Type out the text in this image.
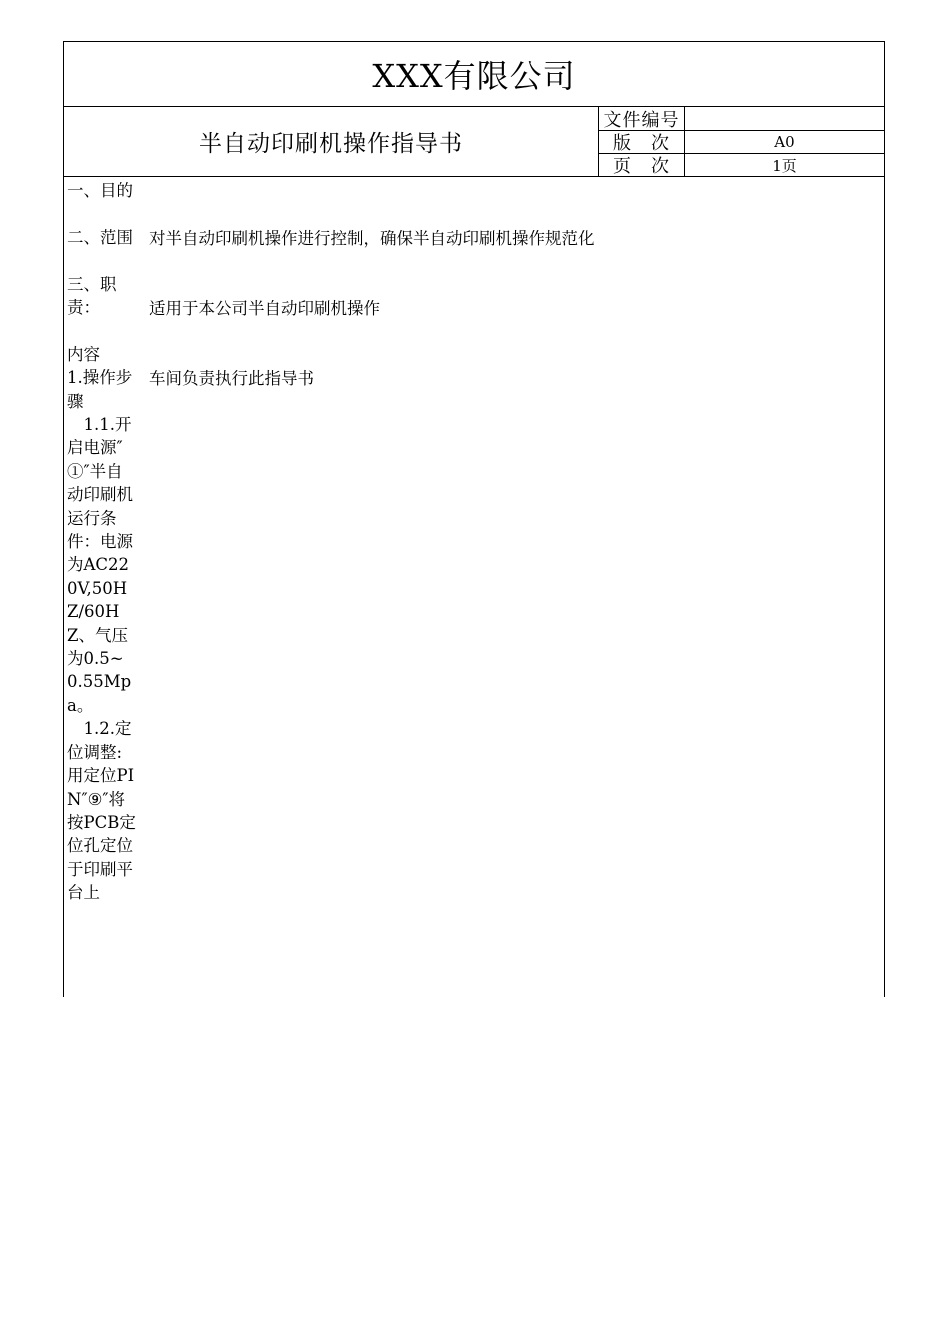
XXX有限公司
半自动印刷机操作指导书
文件编号
版　次	A0
页　次	1页
一、目的
二、范围
三、职责：
内容
1.操作步骤
　1.1.开启电源″①″半自动印刷机运行条件：电源为AC220V,50HZ/60HZ、气压为0.5~0.55Mpa。
　1.2.定位调整:用定位PIN″⑨″将按PCB定位孔定位于印刷平台上
对半自动印刷机操作进行控制，确保半自动印刷机操作规范化
适用于本公司半自动印刷机操作
车间负责执行此指导书
